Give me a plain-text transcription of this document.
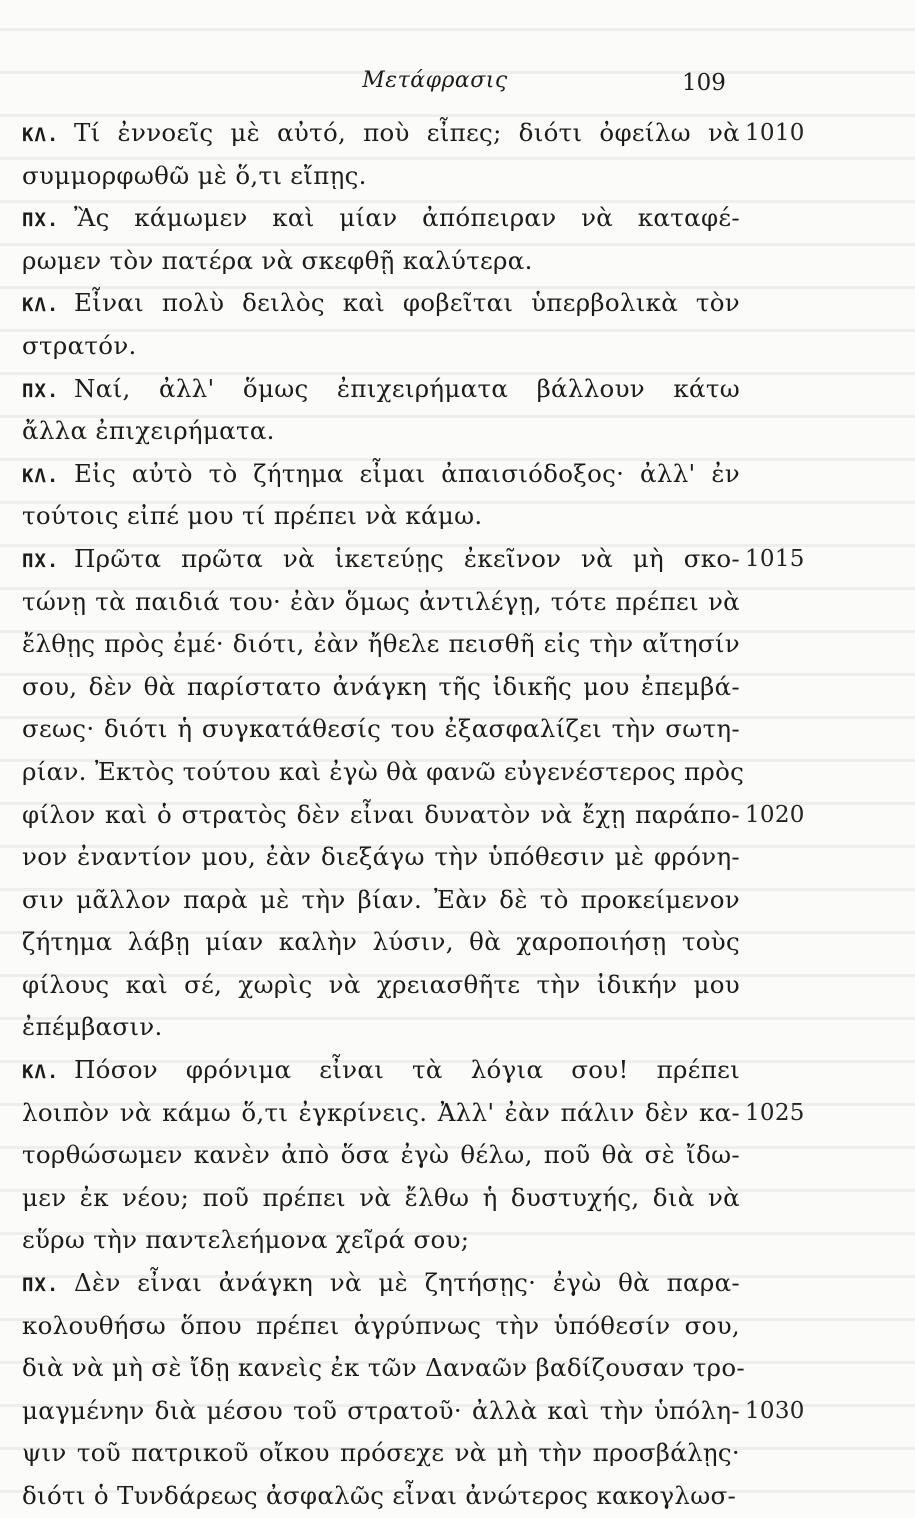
Μετάφρασις	109
ΚΛ. Τί ἐννοεῖς μὲ αὐτό, ποὺ εἶπες; διότι ὀφείλω νὰ 1010
συμμορφωθῶ μὲ ὅ,τι εἴπῃς.
ΠΧ. Ἂς κάμωμεν καὶ μίαν ἀπόπειραν νὰ καταφέ-
ρωμεν τὸν πατέρα νὰ σκεφθῇ καλύτερα.
ΚΛ. Εἶναι πολὺ δειλὸς καὶ φοβεῖται ὑπερβολικὰ τὸν
στρατόν.
ΠΧ. Ναί, ἀλλ' ὅμως ἐπιχειρήματα βάλλουν κάτω
ἄλλα ἐπιχειρήματα.
ΚΛ. Εἰς αὐτὸ τὸ ζήτημα εἶμαι ἀπαισιόδοξος· ἀλλ' ἐν
τούτοις εἰπέ μου τί πρέπει νὰ κάμω.
ΠΧ. Πρῶτα πρῶτα νὰ ἱκετεύῃς ἐκεῖνον νὰ μὴ σκο- 1015
τώνῃ τὰ παιδιά του· ἐὰν ὅμως ἀντιλέγῃ, τότε πρέπει νὰ
ἔλθῃς πρὸς ἐμέ· διότι, ἐὰν ἤθελε πεισθῆ εἰς τὴν αἴτησίν
σου, δὲν θὰ παρίστατο ἀνάγκη τῆς ἰδικῆς μου ἐπεμβά-
σεως· διότι ἡ συγκατάθεσίς του ἐξασφαλίζει τὴν σωτη-
ρίαν. Ἐκτὸς τούτου καὶ ἐγὼ θὰ φανῶ εὐγενέστερος πρὸς
φίλον καὶ ὁ στρατὸς δὲν εἶναι δυνατὸν νὰ ἔχῃ παράπο- 1020
νον ἐναντίον μου, ἐὰν διεξάγω τὴν ὑπόθεσιν μὲ φρόνη-
σιν μᾶλλον παρὰ μὲ τὴν βίαν. Ἐὰν δὲ τὸ προκείμενον
ζήτημα λάβῃ μίαν καλὴν λύσιν, θὰ χαροποιήσῃ τοὺς
φίλους καὶ σέ, χωρὶς νὰ χρειασθῆτε τὴν ἰδικήν μου
ἐπέμβασιν.
ΚΛ. Πόσον φρόνιμα εἶναι τὰ λόγια σου! πρέπει
λοιπὸν νὰ κάμω ὅ,τι ἐγκρίνεις. Ἀλλ' ἐὰν πάλιν δὲν κα- 1025
τορθώσωμεν κανὲν ἀπὸ ὅσα ἐγὼ θέλω, ποῦ θὰ σὲ ἴδω-
μεν ἐκ νέου; ποῦ πρέπει νὰ ἔλθω ἡ δυστυχής, διὰ νὰ
εὕρω τὴν παντελεήμονα χεῖρά σου;
ΠΧ. Δὲν εἶναι ἀνάγκη νὰ μὲ ζητήσῃς· ἐγὼ θὰ παρα-
κολουθήσω ὅπου πρέπει ἀγρύπνως τὴν ὑπόθεσίν σου,
διὰ νὰ μὴ σὲ ἴδῃ κανεὶς ἐκ τῶν Δαναῶν βαδίζουσαν τρο-
μαγμένην διὰ μέσου τοῦ στρατοῦ· ἀλλὰ καὶ τὴν ὑπόλη- 1030
ψιν τοῦ πατρικοῦ οἴκου πρόσεχε νὰ μὴ τὴν προσβάλῃς·
διότι ὁ Τυνδάρεως ἀσφαλῶς εἶναι ἀνώτερος κακογλωσ-
